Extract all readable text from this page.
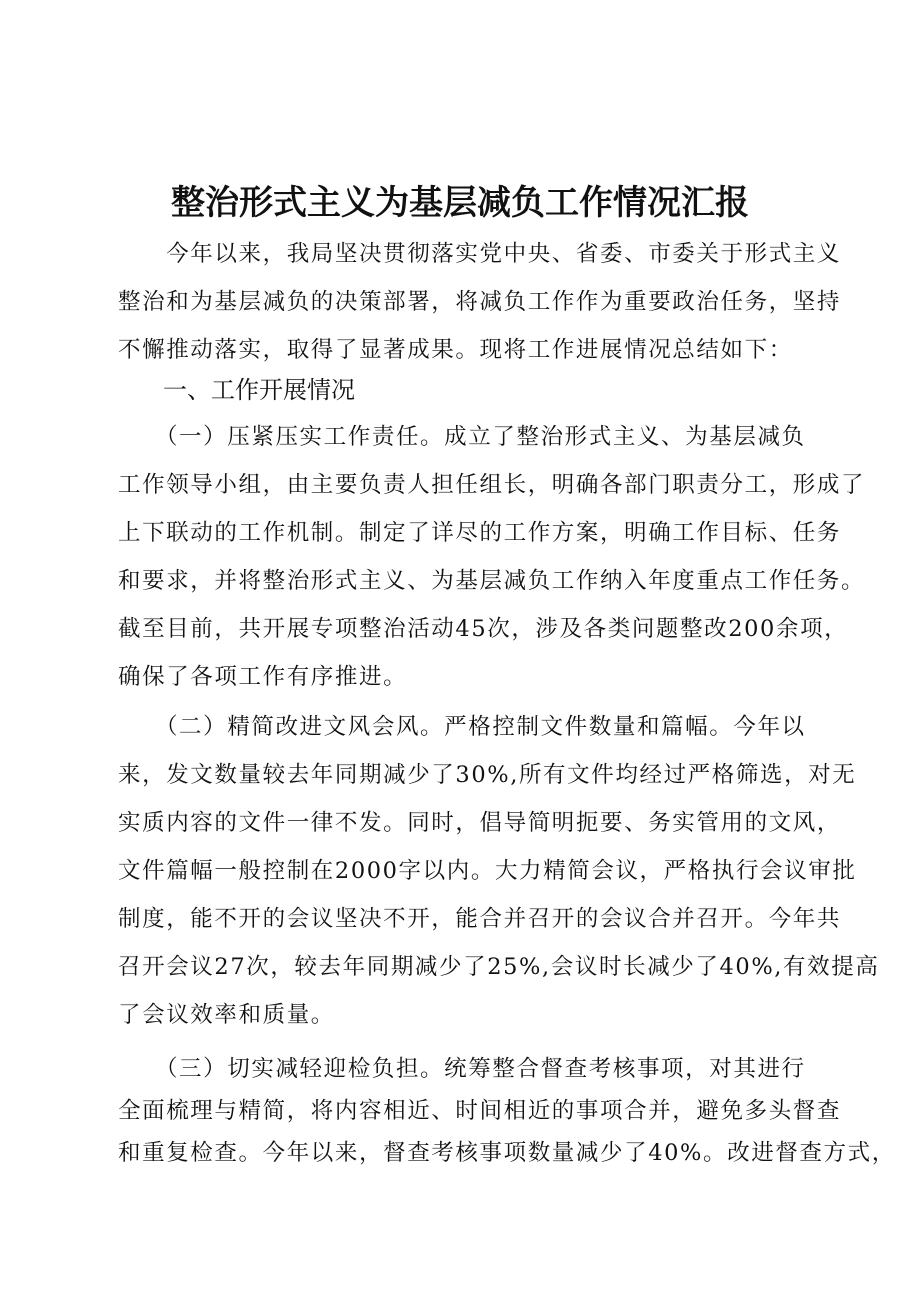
整治形式主义为基层减负工作情况汇报
　　今年以来，我局坚决贯彻落实党中央、省委、市委关于形式主义
整治和为基层减负的决策部署，将减负工作作为重要政治任务，坚持
不懈推动落实，取得了显著成果。现将工作进展情况总结如下：
一、工作开展情况
　　（一）压紧压实工作责任。成立了整治形式主义、为基层减负
工作领导小组，由主要负责人担任组长，明确各部门职责分工，形成了
上下联动的工作机制。制定了详尽的工作方案，明确工作目标、任务
和要求，并将整治形式主义、为基层减负工作纳入年度重点工作任务。
截至目前，共开展专项整治活动45次，涉及各类问题整改200余项，
确保了各项工作有序推进。
　　（二）精简改进文风会风。严格控制文件数量和篇幅。今年以
来，发文数量较去年同期减少了30%,所有文件均经过严格筛选，对无
实质内容的文件一律不发。同时，倡导简明扼要、务实管用的文风，
文件篇幅一般控制在2000字以内。大力精简会议，严格执行会议审批
制度，能不开的会议坚决不开，能合并召开的会议合并召开。今年共
召开会议27次，较去年同期减少了25%,会议时长减少了40%,有效提高
了会议效率和质量。
　　（三）切实减轻迎检负担。统筹整合督查考核事项，对其进行
全面梳理与精简，将内容相近、时间相近的事项合并，避免多头督查
和重复检查。今年以来，督查考核事项数量减少了40%。改进督查方式，
